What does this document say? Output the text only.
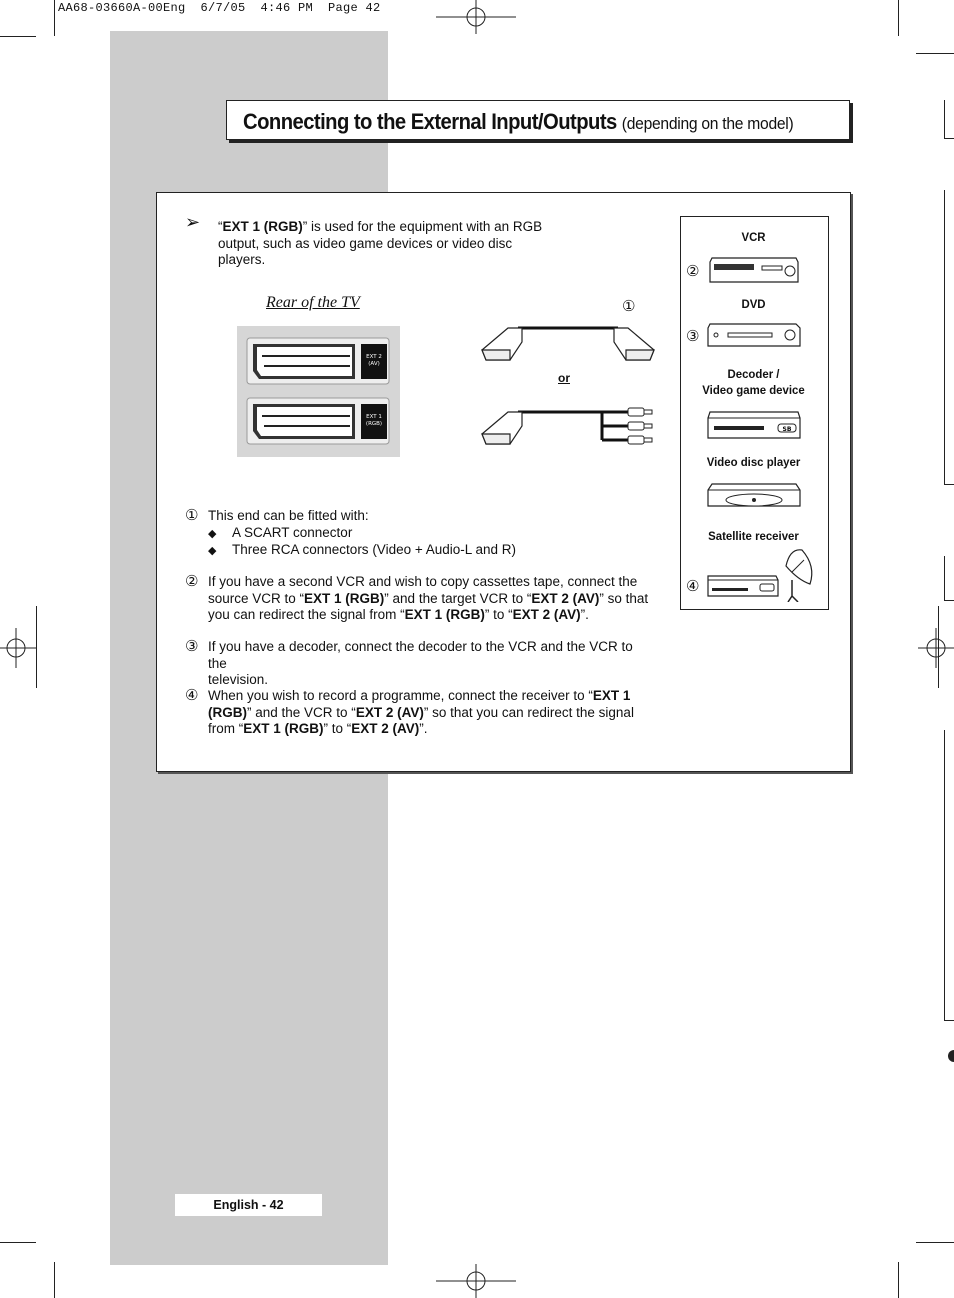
AA68-03660A-00Eng  6/7/05  4:46 PM  Page 42
Connecting to the External Input/Outputs (depending on the model)
➢ “EXT 1 (RGB)” is used for the equipment with an RGB
output, such as video game devices or video disc
players.
Rear of the TV	①
EXT 2
(AV)
EXT 1
(RGB)
or
VCR
DVD
Decoder /
Video game device
Video disc player
Satellite receiver
②
③
④
SB
① This end can be fitted with:
◆ A SCART connector
◆ Three RCA connectors (Video + Audio-L and R)
② If you have a second VCR and wish to copy cassettes tape, connect the
source VCR to “EXT 1 (RGB)” and the target VCR to “EXT 2 (AV)” so that
you can redirect the signal from “EXT 1 (RGB)” to “EXT 2 (AV)”.
③ If you have a decoder, connect the decoder to the VCR and the VCR to the
television.
④ When you wish to record a programme, connect the receiver to “EXT 1
(RGB)” and the VCR to “EXT 2 (AV)” so that you can redirect the signal
from “EXT 1 (RGB)” to “EXT 2 (AV)”.
English - 42
